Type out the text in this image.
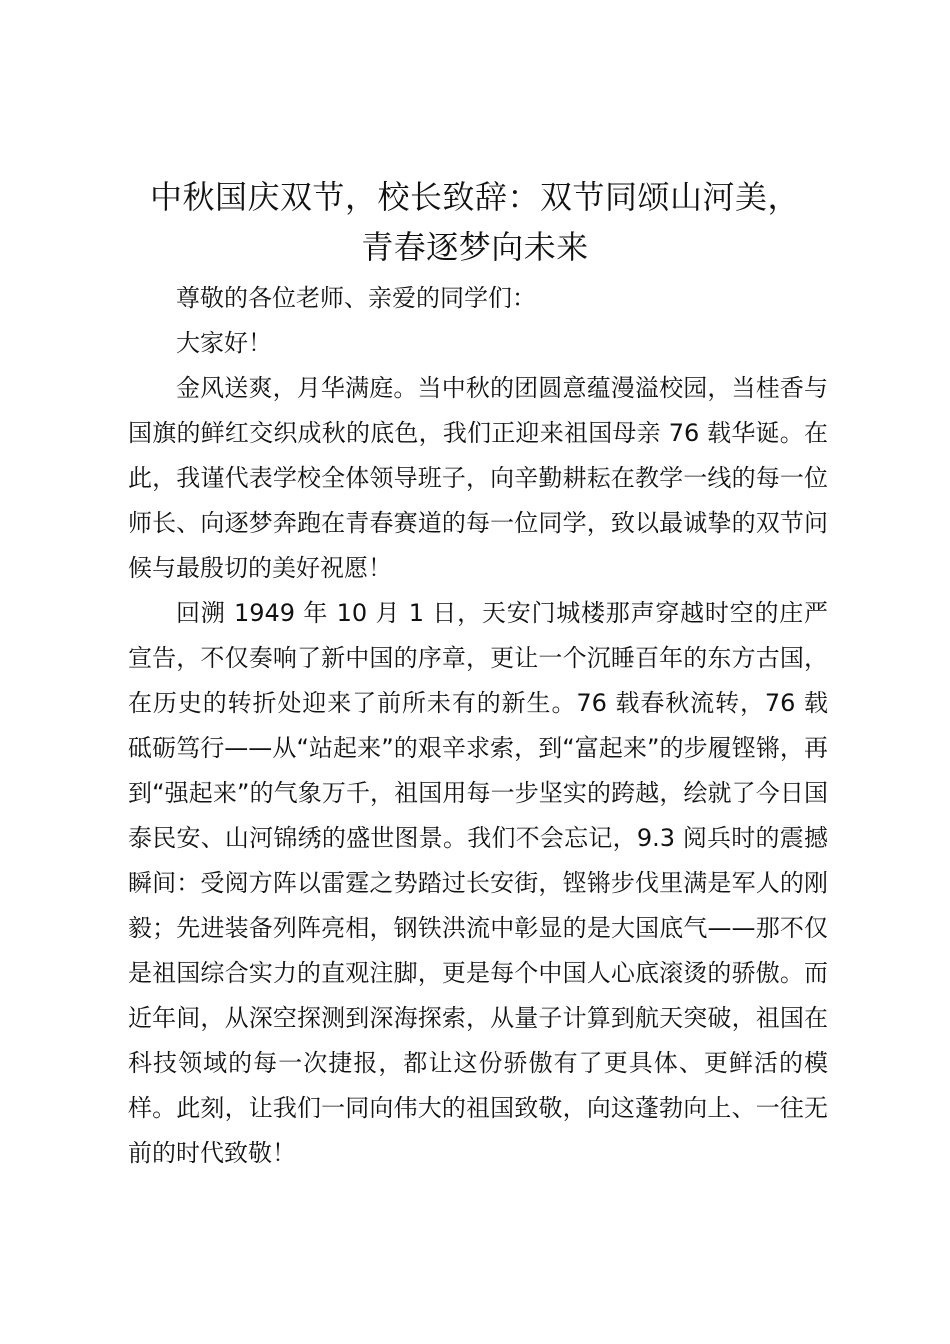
中秋国庆双节，校长致辞：双节同颂山河美，
青春逐梦向未来

尊敬的各位老师、亲爱的同学们：

大家好！

金风送爽，月华满庭。当中秋的团圆意蕴漫溢校园，当桂香与国旗的鲜红交织成秋的底色，我们正迎来祖国母亲 76 载华诞。在此，我谨代表学校全体领导班子，向辛勤耕耘在教学一线的每一位师长、向逐梦奔跑在青春赛道的每一位同学，致以最诚挚的双节问候与最殷切的美好祝愿！

回溯 1949 年 10 月 1 日，天安门城楼那声穿越时空的庄严宣告，不仅奏响了新中国的序章，更让一个沉睡百年的东方古国，在历史的转折处迎来了前所未有的新生。76 载春秋流转，76 载砥砺笃行——从“站起来”的艰辛求索，到“富起来”的步履铿锵，再到“强起来”的气象万千，祖国用每一步坚实的跨越，绘就了今日国泰民安、山河锦绣的盛世图景。我们不会忘记，9.3 阅兵时的震撼瞬间：受阅方阵以雷霆之势踏过长安街，铿锵步伐里满是军人的刚毅；先进装备列阵亮相，钢铁洪流中彰显的是大国底气——那不仅是祖国综合实力的直观注脚，更是每个中国人心底滚烫的骄傲。而近年间，从深空探测到深海探索，从量子计算到航天突破，祖国在科技领域的每一次捷报，都让这份骄傲有了更具体、更鲜活的模样。此刻，让我们一同向伟大的祖国致敬，向这蓬勃向上、一往无前的时代致敬！
